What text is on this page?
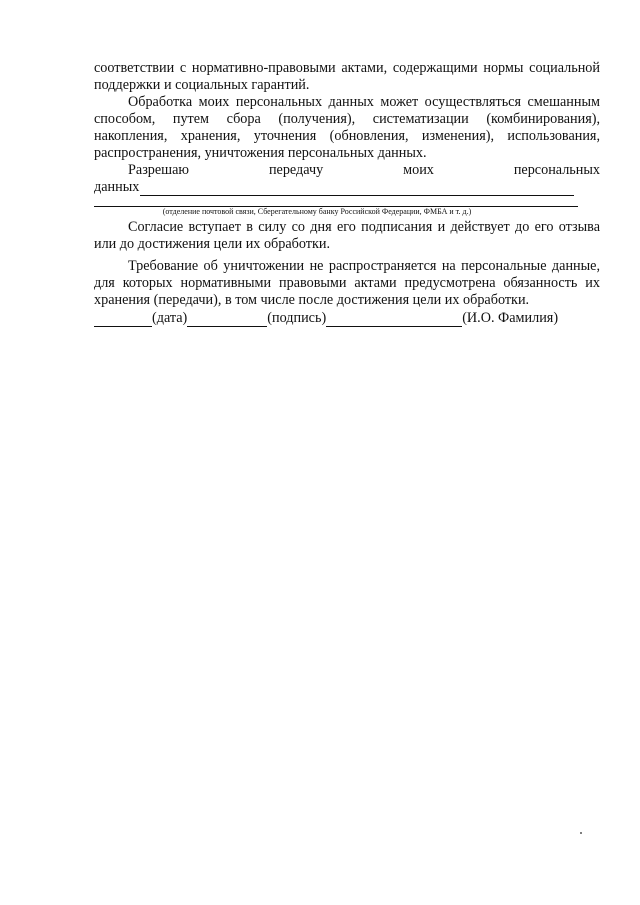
соответствии с нормативно-правовыми актами, содержащими нормы социальной поддержки и социальных гарантий.

Обработка моих персональных данных может осуществляться смешанным способом, путем сбора (получения), систематизации (комбинирования), накопления, хранения, уточнения (обновления, изменения), использования, распространения, уничтожения персональных данных.

Разрешаю	передачу	моих	персональных
данных
(отделение почтовой связи, Сберегательному банку Российской Федерации, ФМБА и т. д.)

Согласие вступает в силу со дня его подписания и действует до его отзыва или до достижения цели их обработки.

Требование об уничтожении не распространяется на персональные данные, для которых нормативными правовыми актами предусмотрена обязанность их хранения (передачи), в том числе после достижения цели их обработки.

(дата)	(подпись)	(И.О. Фамилия)
